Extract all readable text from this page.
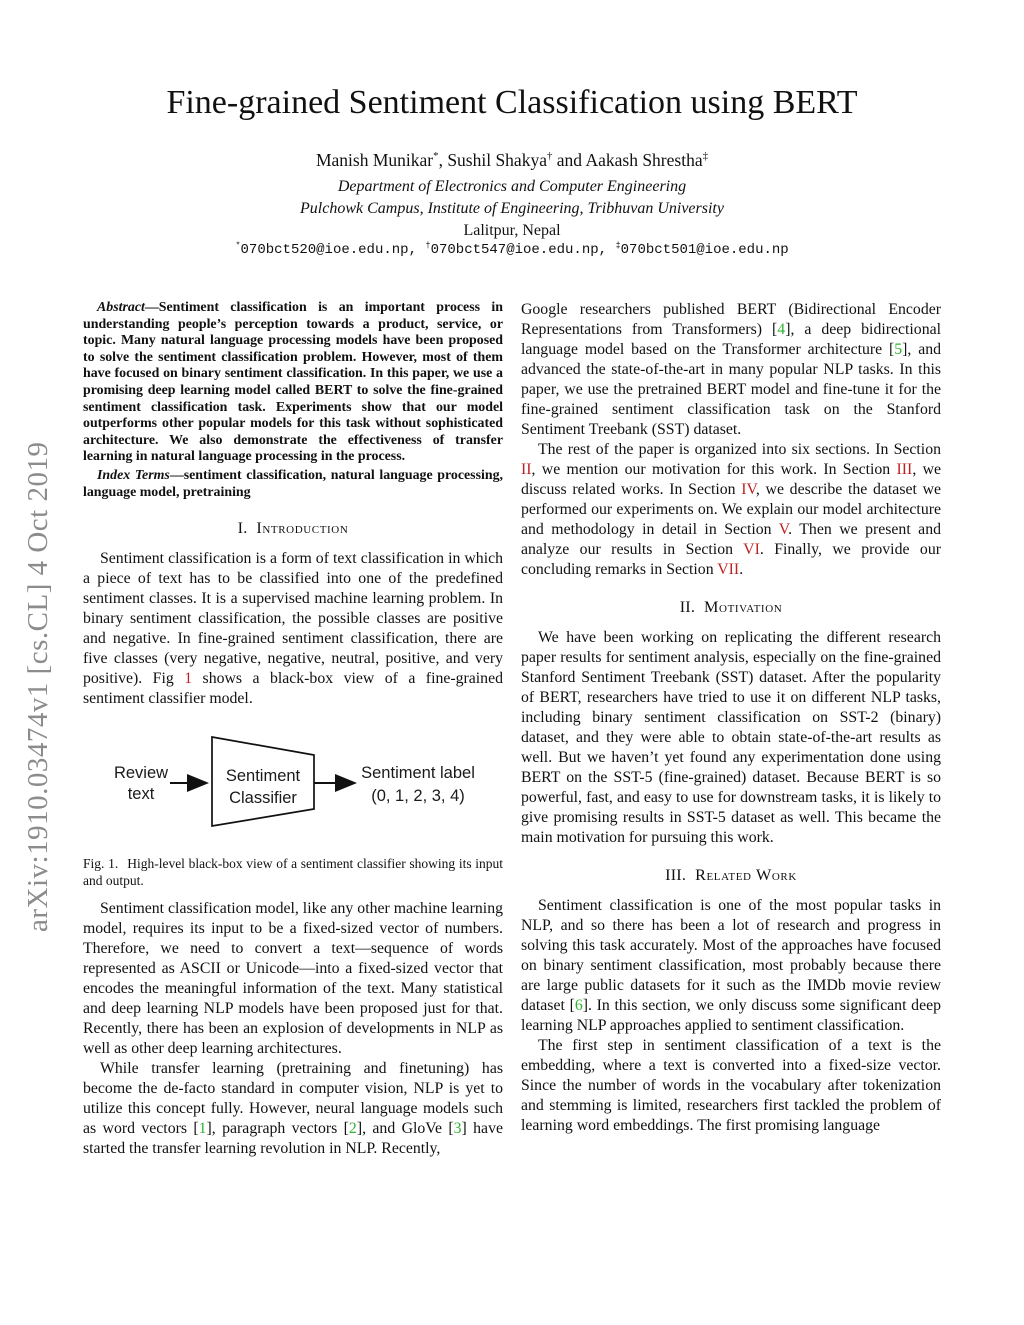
arXiv:1910.03474v1 [cs.CL] 4 Oct 2019
Fine-grained Sentiment Classification using BERT
Manish Munikar*, Sushil Shakya† and Aakash Shrestha‡
Department of Electronics and Computer Engineering
Pulchowk Campus, Institute of Engineering, Tribhuvan University
Lalitpur, Nepal
*070bct520@ioe.edu.np, †070bct547@ioe.edu.np, ‡070bct501@ioe.edu.np

Abstract—Sentiment classification is an important process in understanding people’s perception towards a product, service, or topic. Many natural language processing models have been proposed to solve the sentiment classification problem. However, most of them have focused on binary sentiment classification. In this paper, we use a promising deep learning model called BERT to solve the fine-grained sentiment classification task. Experiments show that our model outperforms other popular models for this task without sophisticated architecture. We also demonstrate the effectiveness of transfer learning in natural language processing in the process.

Index Terms—sentiment classification, natural language processing, language model, pretraining

I. Introduction

Sentiment classification is a form of text classification in which a piece of text has to be classified into one of the predefined sentiment classes. It is a supervised machine learning problem. In binary sentiment classification, the possible classes are positive and negative. In fine-grained sentiment classification, there are five classes (very negative, negative, neutral, positive, and very positive). Fig 1 shows a black-box view of a fine-grained sentiment classifier model.

Review
text
Sentiment
Classifier
Sentiment label
(0, 1, 2, 3, 4)

Fig. 1. High-level black-box view of a sentiment classifier showing its input and output.

Sentiment classification model, like any other machine learning model, requires its input to be a fixed-sized vector of numbers. Therefore, we need to convert a text—sequence of words represented as ASCII or Unicode—into a fixed-sized vector that encodes the meaningful information of the text. Many statistical and deep learning NLP models have been proposed just for that. Recently, there has been an explosion of developments in NLP as well as other deep learning architectures.

While transfer learning (pretraining and finetuning) has become the de-facto standard in computer vision, NLP is yet to utilize this concept fully. However, neural language models such as word vectors [1], paragraph vectors [2], and GloVe [3] have started the transfer learning revolution in NLP. Recently,

Google researchers published BERT (Bidirectional Encoder Representations from Transformers) [4], a deep bidirectional language model based on the Transformer architecture [5], and advanced the state-of-the-art in many popular NLP tasks. In this paper, we use the pretrained BERT model and fine-tune it for the fine-grained sentiment classification task on the Stanford Sentiment Treebank (SST) dataset.

The rest of the paper is organized into six sections. In Section II, we mention our motivation for this work. In Section III, we discuss related works. In Section IV, we describe the dataset we performed our experiments on. We explain our model architecture and methodology in detail in Section V. Then we present and analyze our results in Section VI. Finally, we provide our concluding remarks in Section VII.

II. Motivation

We have been working on replicating the different research paper results for sentiment analysis, especially on the fine-grained Stanford Sentiment Treebank (SST) dataset. After the popularity of BERT, researchers have tried to use it on different NLP tasks, including binary sentiment classification on SST-2 (binary) dataset, and they were able to obtain state-of-the-art results as well. But we haven’t yet found any experimentation done using BERT on the SST-5 (fine-grained) dataset. Because BERT is so powerful, fast, and easy to use for downstream tasks, it is likely to give promising results in SST-5 dataset as well. This became the main motivation for pursuing this work.

III. Related Work

Sentiment classification is one of the most popular tasks in NLP, and so there has been a lot of research and progress in solving this task accurately. Most of the approaches have focused on binary sentiment classification, most probably because there are large public datasets for it such as the IMDb movie review dataset [6]. In this section, we only discuss some significant deep learning NLP approaches applied to sentiment classification.

The first step in sentiment classification of a text is the embedding, where a text is converted into a fixed-size vector. Since the number of words in the vocabulary after tokenization and stemming is limited, researchers first tackled the problem of learning word embeddings. The first promising language
